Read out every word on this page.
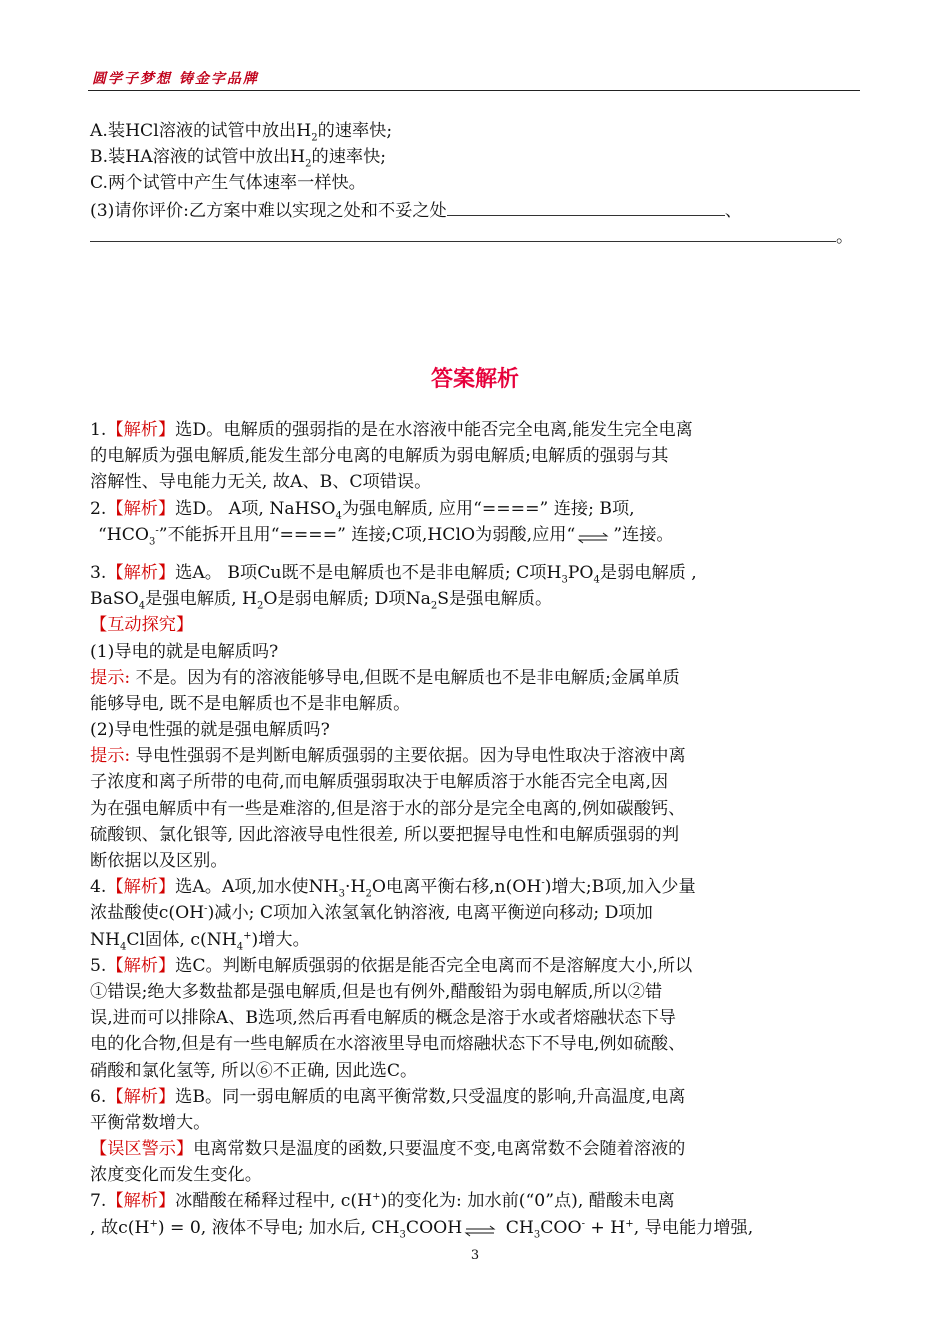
圆学子梦想 铸金字品牌
A.装HCl溶液的试管中放出$H_2$的速率快;
B.装HA溶液的试管中放出$H_2$的速率快;
C.两个试管中产生气体速率一样快。
(3)请你评价:乙方案中难以实现之处和不妥之处	、
。
答案解析
1.【解析】选D。电解质的强弱指的是在水溶液中能否完全电离,能发生完全电离
的电解质为强电解质,能发生部分电离的电解质为弱电解质;电解质的强弱与其
溶解性、导电能力无关, 故A、B、C项错误。
2.【解析】选D。 A项, NaHSO$_4$为强电解质, 应用“====” 连接; B项,
“$HCO_3^-$”不能拆开且用“====” 连接;C项,HClO为弱酸,应用“⇌”连接。
3.【解析】选A。 B项Cu既不是电解质也不是非电解质; C项$H_3PO_4$是弱电解质 ,
BaSO$_4$是强电解质, $H_2O$是弱电解质; D项$Na_2S$是强电解质。
【互动探究】
(1)导电的就是电解质吗?
提示: 不是。因为有的溶液能够导电,但既不是电解质也不是非电解质;金属单质
能够导电, 既不是电解质也不是非电解质。
(2)导电性强的就是强电解质吗?
提示: 导电性强弱不是判断电解质强弱的主要依据。因为导电性取决于溶液中离
子浓度和离子所带的电荷,而电解质强弱取决于电解质溶于水能否完全电离,因
为在强电解质中有一些是难溶的,但是溶于水的部分是完全电离的,例如碳酸钙、
硫酸钡、氯化银等, 因此溶液导电性很差, 所以要把握导电性和电解质强弱的判
断依据以及区别。
4.【解析】选A。A项,加水使$NH_3\cdot H_2O$电离平衡右移,n(OH-)增大;B项,加入少量
浓盐酸使c(OH-)减小; C项加入浓氢氧化钠溶液, 电离平衡逆向移动; D项加
$NH_4Cl$固体, $c(NH_4^+)$增大。
5.【解析】选C。判断电解质强弱的依据是能否完全电离而不是溶解度大小,所以
①错误;绝大多数盐都是强电解质,但是也有例外,醋酸铅为弱电解质,所以②错
误,进而可以排除A、B选项,然后再看电解质的概念是溶于水或者熔融状态下导
电的化合物,但是有一些电解质在水溶液里导电而熔融状态下不导电,例如硫酸、
硝酸和氯化氢等, 所以⑥不正确, 因此选C。
6.【解析】选B。同一弱电解质的电离平衡常数,只受温度的影响,升高温度,电离
平衡常数增大。
【误区警示】电离常数只是温度的函数,只要温度不变,电离常数不会随着溶液的
浓度变化而发生变化。
7.【解析】冰醋酸在稀释过程中, c(H+)的变化为: 加水前(“0”点), 醋酸未电离
, 故c(H+) = 0, 液体不导电; 加水后, $CH_3COOH\rightleftharpoons$ $CH_3COO^- + H^+$, 导电能力增强,
3
